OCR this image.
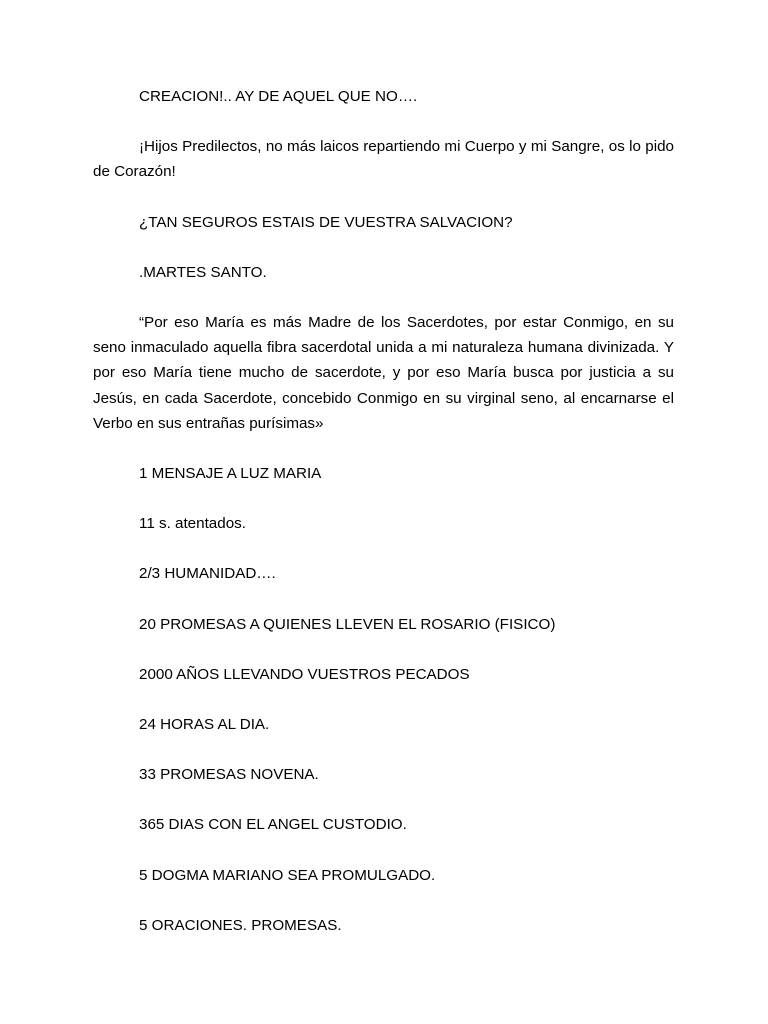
CREACION!.. AY DE AQUEL QUE NO….

¡Hijos Predilectos, no más laicos repartiendo mi Cuerpo y mi Sangre, os lo pido de Corazón!

¿TAN SEGUROS ESTAIS DE VUESTRA SALVACION?

.MARTES SANTO.

“Por eso María es más Madre de los Sacerdotes, por estar Conmigo, en su seno inmaculado aquella fibra sacerdotal unida a mi naturaleza humana divinizada. Y por eso María tiene mucho de sacerdote, y por eso María busca por justicia a su Jesús, en cada Sacerdote, concebido Conmigo en su virginal seno, al encarnarse el Verbo en sus entrañas purísimas»

1 MENSAJE A LUZ MARIA

11 s. atentados.

2/3 HUMANIDAD….

20 PROMESAS A QUIENES LLEVEN EL ROSARIO (FISICO)

2000 AÑOS LLEVANDO VUESTROS PECADOS

24 HORAS AL DIA.

33 PROMESAS NOVENA.

365 DIAS CON EL ANGEL CUSTODIO.

5 DOGMA MARIANO SEA PROMULGADO.

5 ORACIONES. PROMESAS.
